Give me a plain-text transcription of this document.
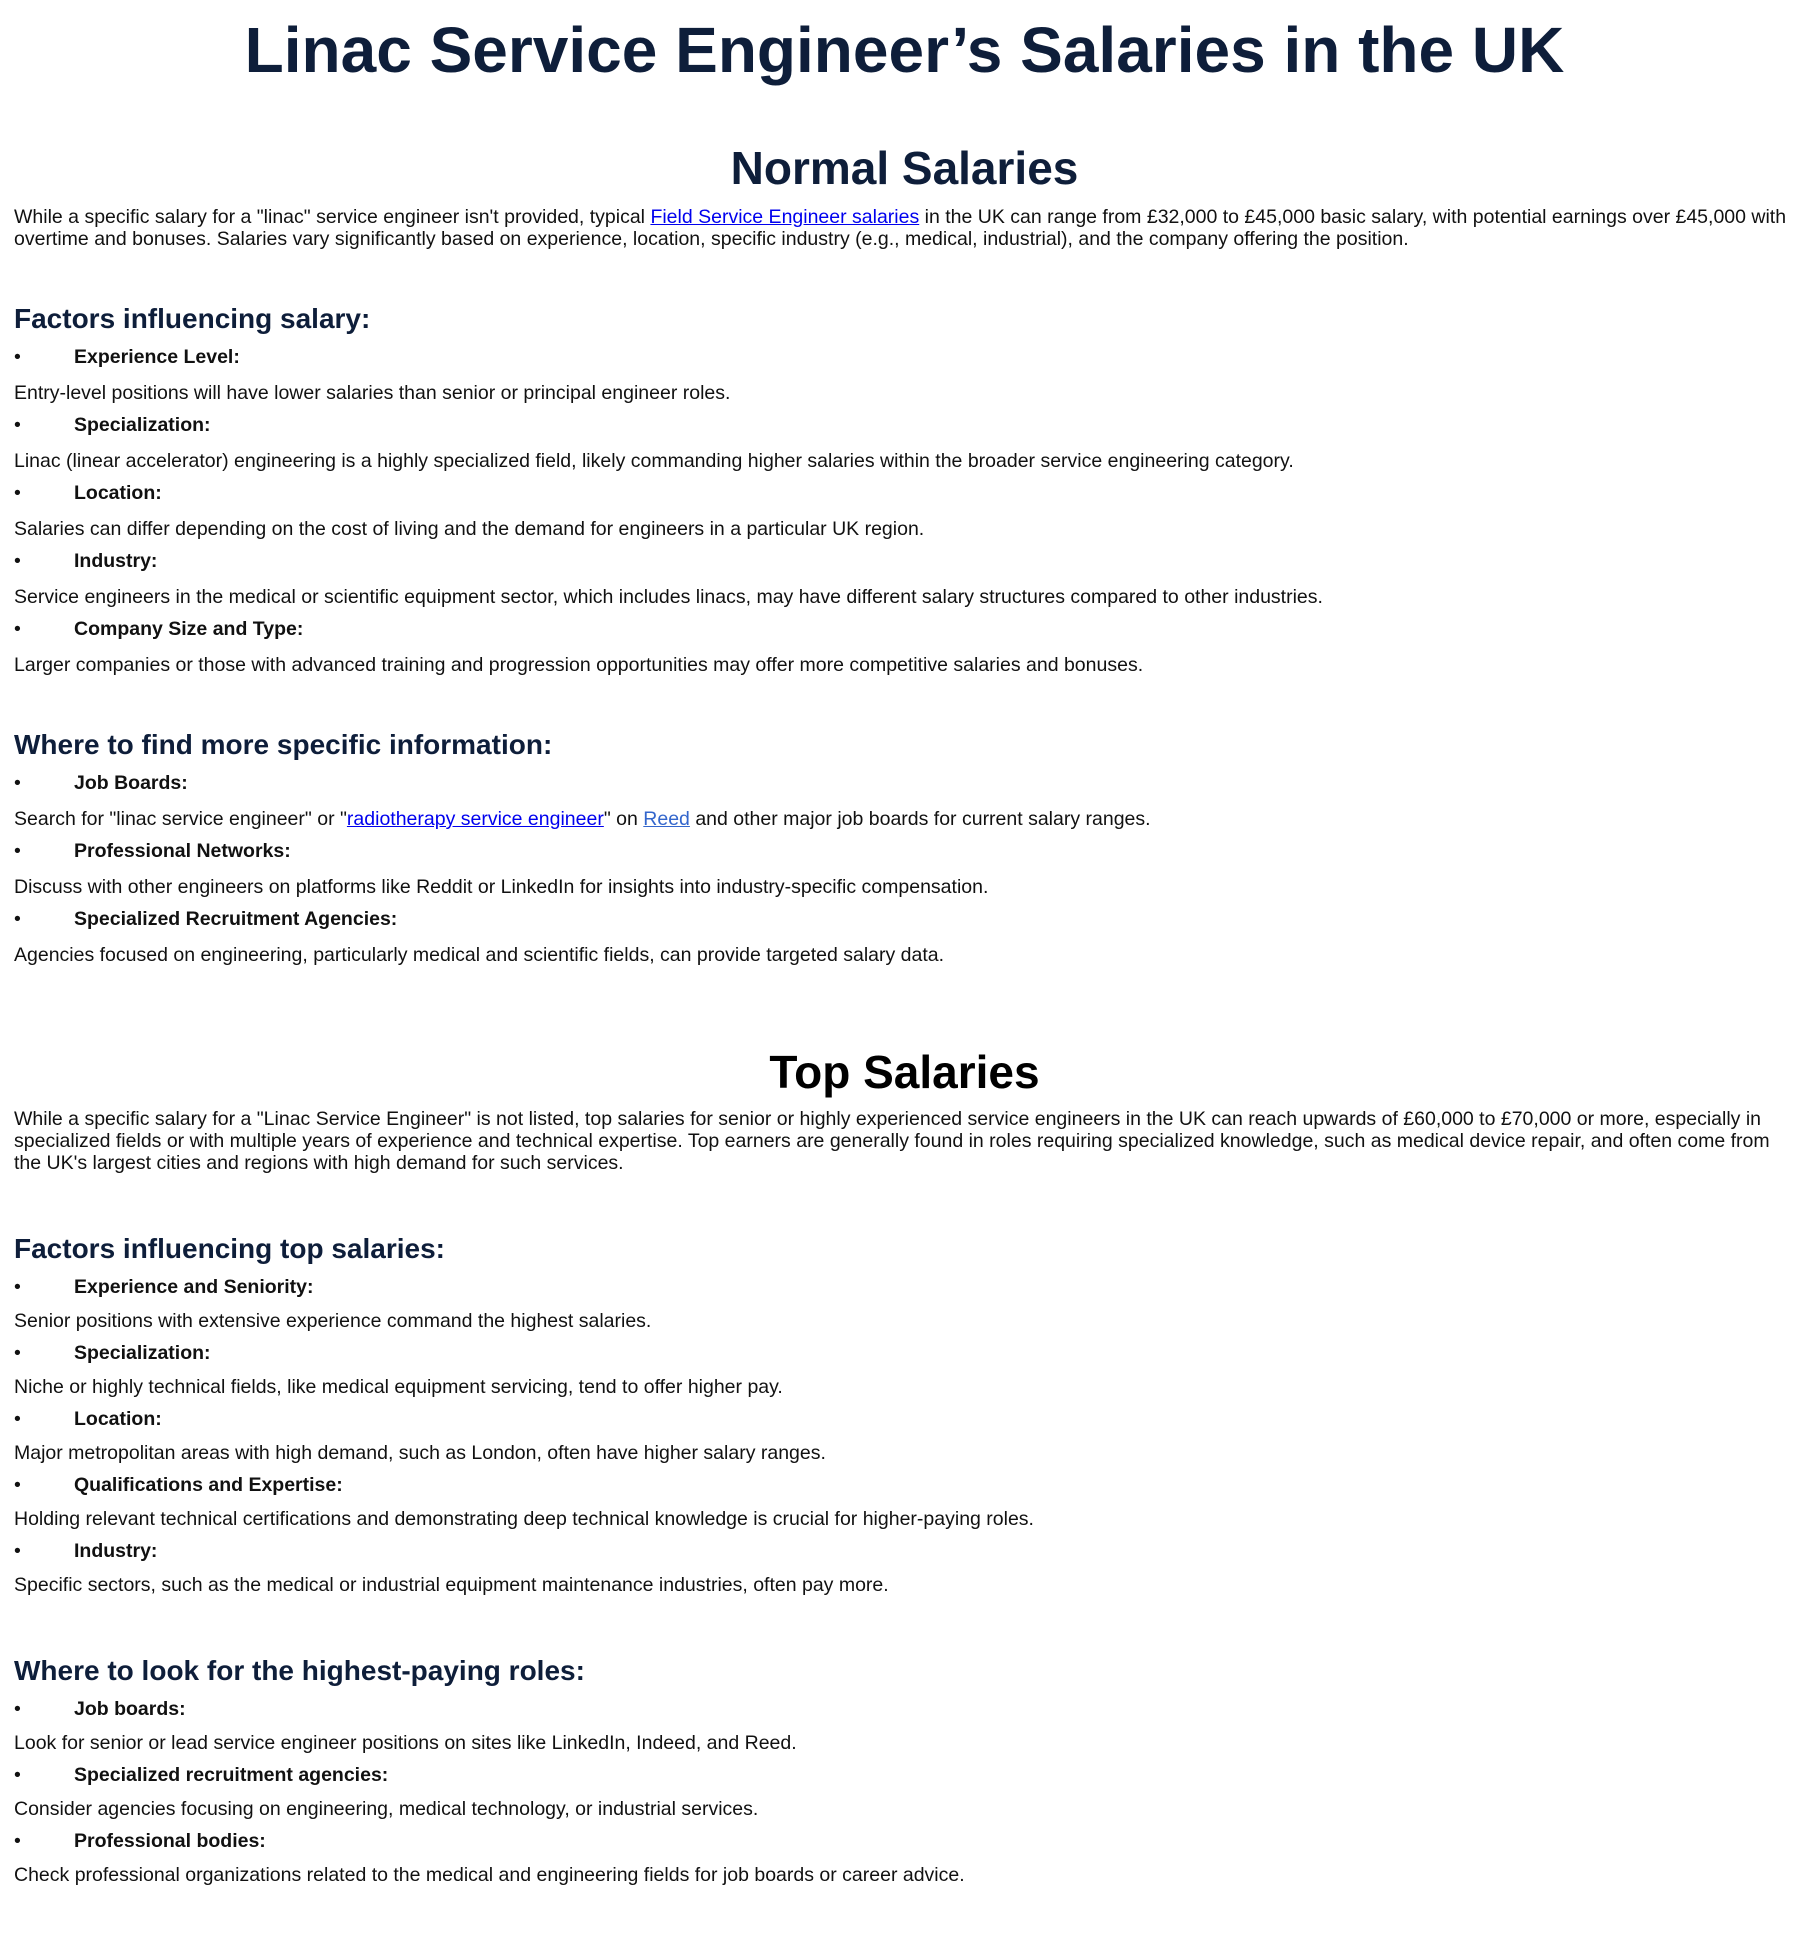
Linac Service Engineer’s Salaries in the UK
Normal Salaries

While a specific salary for a "linac" service engineer isn't provided, typical Field Service Engineer salaries in the UK can range from £32,000 to £45,000 basic salary, with potential earnings over £45,000 with overtime and bonuses. Salaries vary significantly based on experience, location, specific industry (e.g., medical, industrial), and the company offering the position.

Factors influencing salary:
•	Experience Level:
Entry-level positions will have lower salaries than senior or principal engineer roles.
•	Specialization:
Linac (linear accelerator) engineering is a highly specialized field, likely commanding higher salaries within the broader service engineering category.
•	Location:
Salaries can differ depending on the cost of living and the demand for engineers in a particular UK region.
•	Industry:
Service engineers in the medical or scientific equipment sector, which includes linacs, may have different salary structures compared to other industries.
•	Company Size and Type:
Larger companies or those with advanced training and progression opportunities may offer more competitive salaries and bonuses.
Where to find more specific information:
•	Job Boards:
Search for "linac service engineer" or "radiotherapy service engineer" on Reed and other major job boards for current salary ranges.
•	Professional Networks:
Discuss with other engineers on platforms like Reddit or LinkedIn for insights into industry-specific compensation.
•	Specialized Recruitment Agencies:
Agencies focused on engineering, particularly medical and scientific fields, can provide targeted salary data.
Top Salaries

While a specific salary for a "Linac Service Engineer" is not listed, top salaries for senior or highly experienced service engineers in the UK can reach upwards of £60,000 to £70,000 or more, especially in specialized fields or with multiple years of experience and technical expertise. Top earners are generally found in roles requiring specialized knowledge, such as medical device repair, and often come from the UK's largest cities and regions with high demand for such services.

Factors influencing top salaries:
•	Experience and Seniority:
Senior positions with extensive experience command the highest salaries.
•	Specialization:
Niche or highly technical fields, like medical equipment servicing, tend to offer higher pay.
•	Location:
Major metropolitan areas with high demand, such as London, often have higher salary ranges.
•	Qualifications and Expertise:
Holding relevant technical certifications and demonstrating deep technical knowledge is crucial for higher-paying roles.
•	Industry:
Specific sectors, such as the medical or industrial equipment maintenance industries, often pay more.
Where to look for the highest-paying roles:
•	Job boards:
Look for senior or lead service engineer positions on sites like LinkedIn, Indeed, and Reed.
•	Specialized recruitment agencies:
Consider agencies focusing on engineering, medical technology, or industrial services.
•	Professional bodies:
Check professional organizations related to the medical and engineering fields for job boards or career advice.
